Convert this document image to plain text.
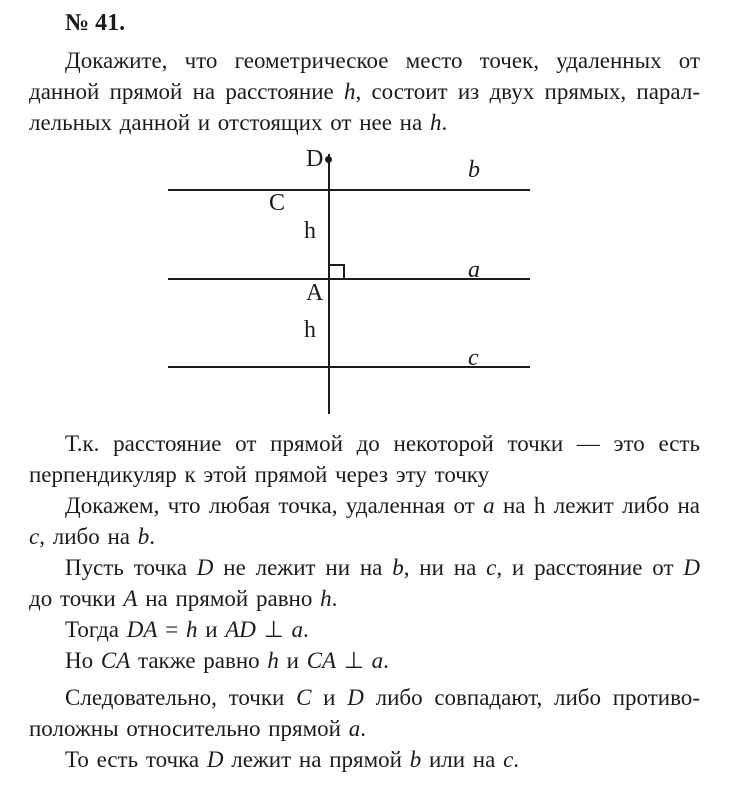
№ 41.

Докажите, что геометрическое место точек, удаленных от данной прямой на расстояние h, состоит из двух прямых, параллельных данной и отстоящих от нее на h.

D
C
h
A
h
b
a
c

Т.к. расстояние от прямой до некоторой точки — это есть перпендикуляр к этой прямой через эту точку

Докажем, что любая точка, удаленная от a на h лежит либо на c, либо на b.

Пусть точка D не лежит ни на b, ни на c, и расстояние от D до точки A на прямой равно h.

Тогда DA = h и AD ⊥ a.

Но CA также равно h и CA ⊥ a.

Следовательно, точки C и D либо совпадают, либо противоположны относительно прямой a.

То есть точка D лежит на прямой b или на c.
